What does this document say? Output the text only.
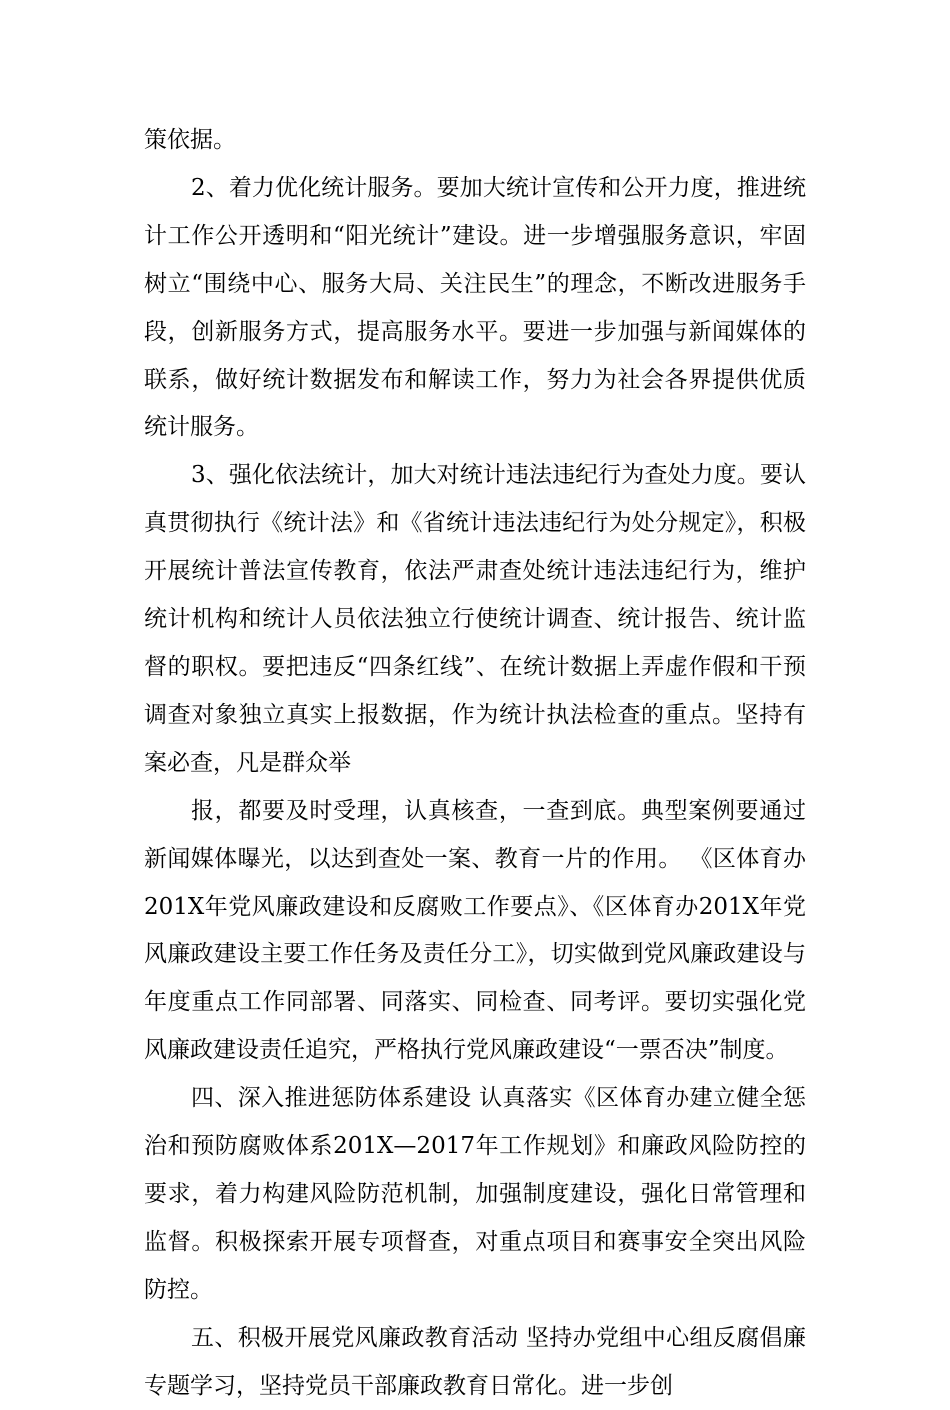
策依据。

2、着力优化统计服务。要加大统计宣传和公开力度，推进统计工作公开透明和“阳光统计”建设。进一步增强服务意识，牢固树立“围绕中心、服务大局、关注民生”的理念，不断改进服务手段，创新服务方式，提高服务水平。要进一步加强与新闻媒体的联系，做好统计数据发布和解读工作，努力为社会各界提供优质统计服务。

3、强化依法统计，加大对统计违法违纪行为查处力度。要认真贯彻执行《统计法》和《省统计违法违纪行为处分规定》，积极开展统计普法宣传教育，依法严肃查处统计违法违纪行为，维护统计机构和统计人员依法独立行使统计调查、统计报告、统计监督的职权。要把违反“四条红线”、在统计数据上弄虚作假和干预调查对象独立真实上报数据，作为统计执法检查的重点。坚持有案必查，凡是群众举

报，都要及时受理，认真核查，一查到底。典型案例要通过新闻媒体曝光，以达到查处一案、教育一片的作用。 《区体育办201X年党风廉政建设和反腐败工作要点》、《区体育办201X年党风廉政建设主要工作任务及责任分工》，切实做到党风廉政建设与年度重点工作同部署、同落实、同检查、同考评。要切实强化党风廉政建设责任追究，严格执行党风廉政建设“一票否决”制度。

四、深入推进惩防体系建设 认真落实《区体育办建立健全惩治和预防腐败体系201X—2017年工作规划》和廉政风险防控的要求，着力构建风险防范机制，加强制度建设，强化日常管理和监督。积极探索开展专项督查，对重点项目和赛事安全突出风险防控。

五、积极开展党风廉政教育活动 坚持办党组中心组反腐倡廉专题学习，坚持党员干部廉政教育日常化。进一步创
